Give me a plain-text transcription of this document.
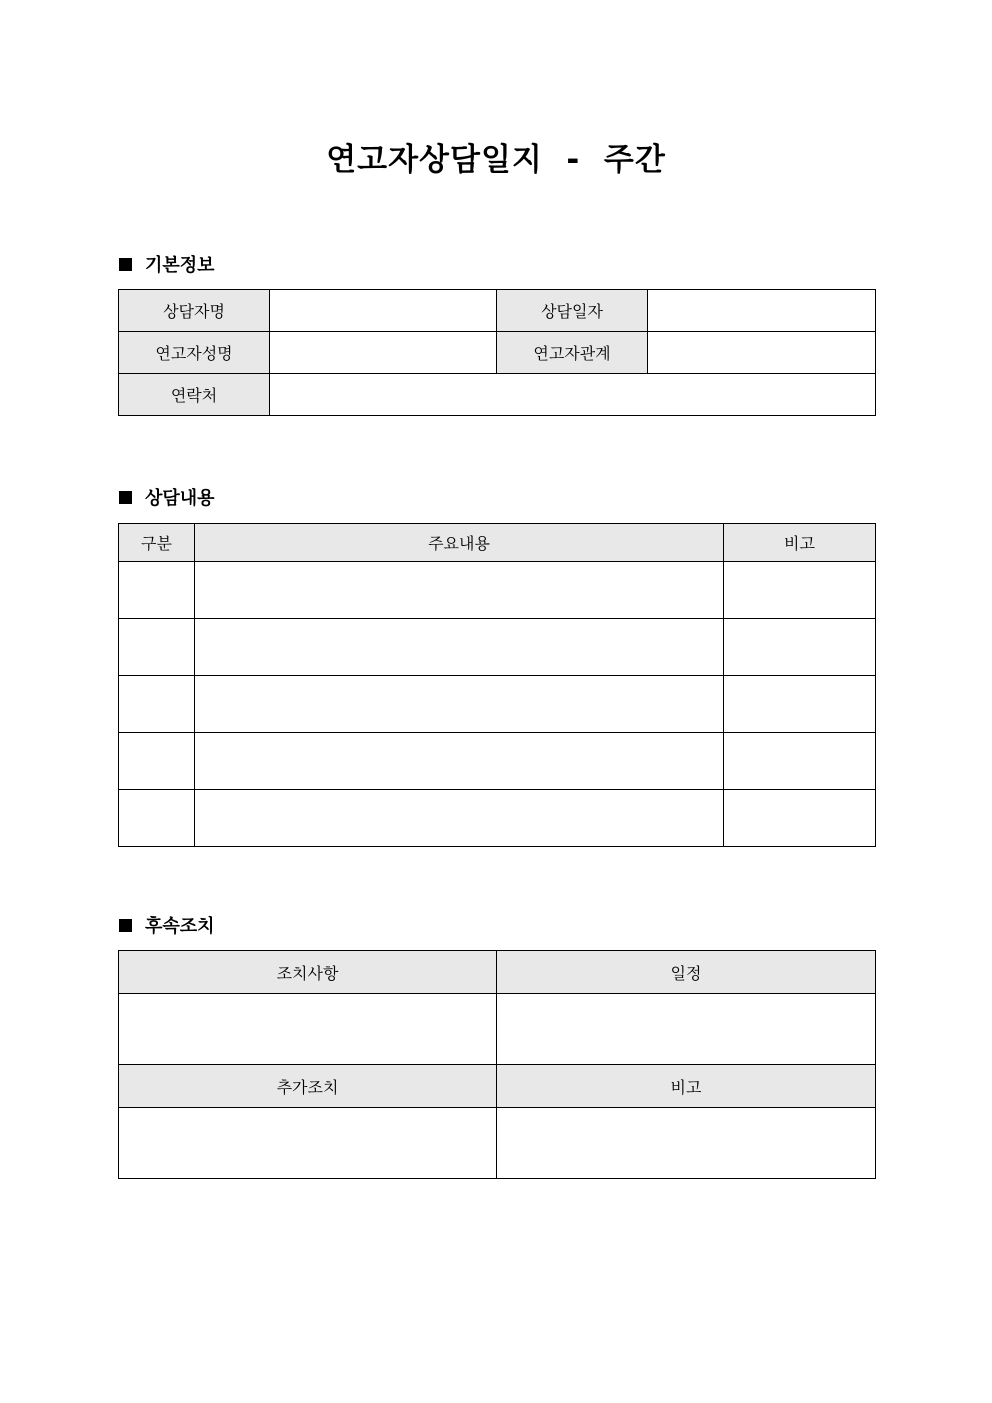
연고자상담일지  -  주간
기본정보
상담자명		상담일자	
연고자성명		연고자관계	
연락처			
상담내용
구분	주요내용	비고

후속조치
조치사항	일정

추가조치	비고
